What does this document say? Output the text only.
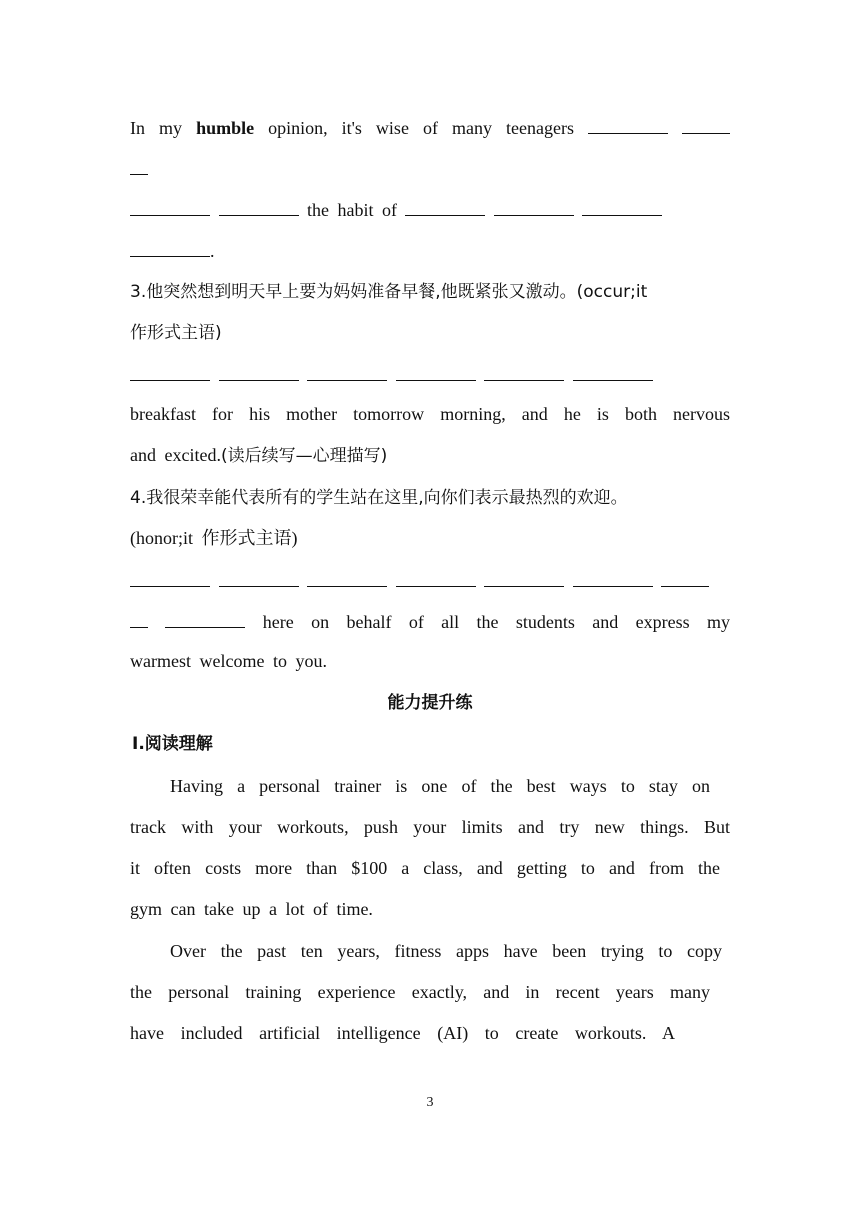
In my humble opinion, it's wise of many teenagers
the habit of
.
3.他突然想到明天早上要为妈妈准备早餐,他既紧张又激动。(occur;it
作形式主语)

breakfast for his mother tomorrow morning, and he is both nervous
and excited.(读后续写—心理描写)
4.我很荣幸能代表所有的学生站在这里,向你们表示最热烈的欢迎。
(honor;it 作形式主语)

here on behalf of all the students and express my
warmest welcome to you.
能力提升练
Ⅰ.阅读理解
Having a personal trainer is one of the best ways to stay on
track with your workouts, push your limits and try new things. But
it often costs more than $100 a class, and getting to and from the
gym can take up a lot of time.
Over the past ten years, fitness apps have been trying to copy
the personal training experience exactly, and in recent years many
have included artificial intelligence (AI) to create workouts. A
3
